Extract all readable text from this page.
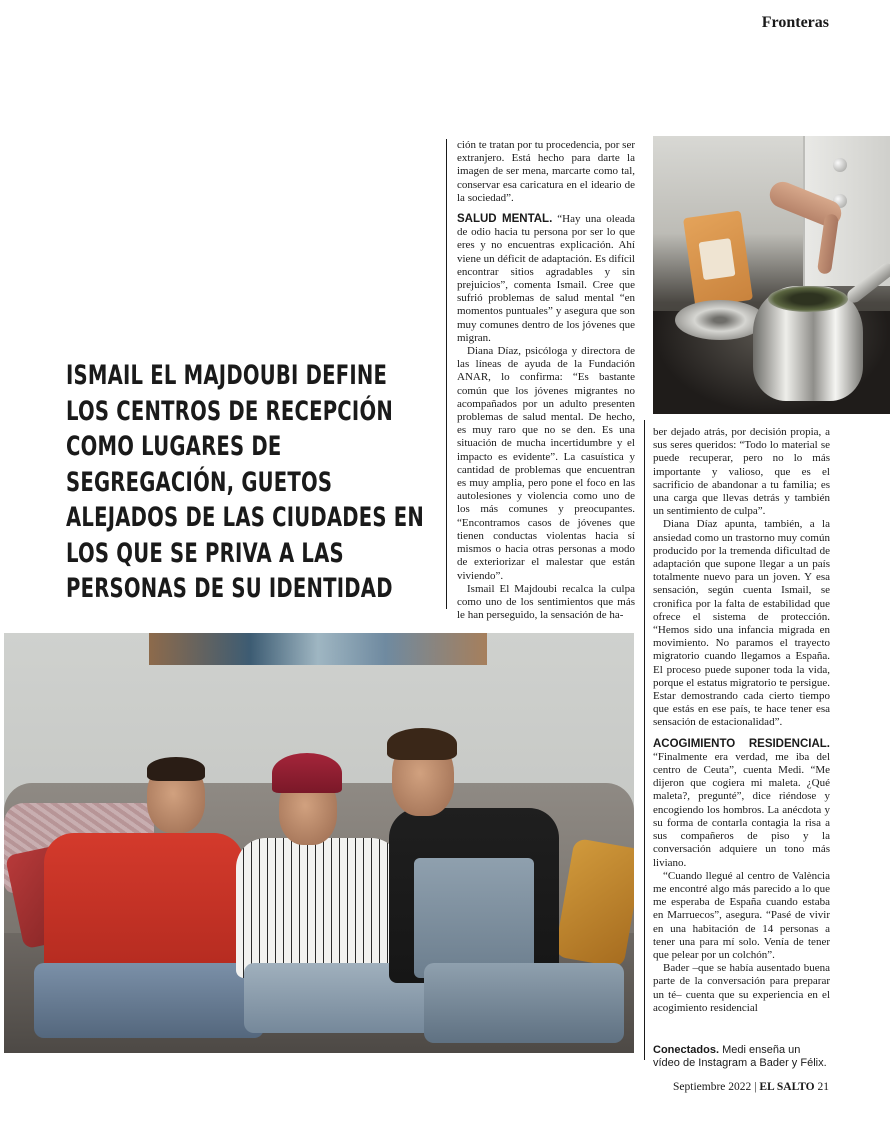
Fronteras

ción te tratan por tu procedencia, por ser extranjero. Está hecho para darte la imagen de ser mena, marcarte como tal, conservar esa caricatura en el ideario de la sociedad”.

SALUD MENTAL. “Hay una oleada de odio hacia tu persona por ser lo que eres y no encuentras explicación. Ahí viene un déficit de adaptación. Es difícil encontrar sitios agradables y sin prejuicios”, comenta Ismail. Cree que sufrió problemas de salud mental “en momentos puntuales” y asegura que son muy comunes dentro de los jóvenes que migran.

Diana Díaz, psicóloga y directora de las líneas de ayuda de la Fundación ANAR, lo confirma: “Es bastante común que los jóvenes migrantes no acompañados por un adulto presenten problemas de salud mental. De hecho, es muy raro que no se den. Es una situación de mucha incertidumbre y el impacto es evidente”. La casuística y cantidad de problemas que encuentran es muy amplia, pero pone el foco en las autolesiones y violencia como uno de los más comunes y preocupantes. “Encontramos casos de jóvenes que tienen conductas violentas hacia sí mismos o hacia otras personas a modo de exteriorizar el malestar que están viviendo”.

Ismail El Majdoubi recalca la culpa como uno de los sentimientos que más le han perseguido, la sensación de ha-

ISMAIL EL MAJDOUBI DEFINE LOS CENTROS DE RECEPCIÓN COMO LUGARES DE SEGREGACIÓN, GUETOS ALEJADOS DE LAS CIUDADES EN LOS QUE SE PRIVA A LAS PERSONAS DE SU IDENTIDAD

ber dejado atrás, por decisión propia, a sus seres queridos: “Todo lo material se puede recuperar, pero no lo más importante y valioso, que es el sacrificio de abandonar a tu familia; es una carga que llevas detrás y también un sentimiento de culpa”.

Diana Díaz apunta, también, a la ansiedad como un trastorno muy común producido por la tremenda dificultad de adaptación que supone llegar a un país totalmente nuevo para un joven. Y esa sensación, según cuenta Ismail, se cronifica por la falta de estabilidad que ofrece el sistema de protección. “Hemos sido una infancia migrada en movimiento. No paramos el trayecto migratorio cuando llegamos a España. El proceso puede suponer toda la vida, porque el estatus migratorio te persigue. Estar demostrando cada cierto tiempo que estás en ese país, te hace tener esa sensación de estacionalidad”.

ACOGIMIENTO RESIDENCIAL. “Finalmente era verdad, me iba del centro de Ceuta”, cuenta Medi. “Me dijeron que cogiera mi maleta. ¿Qué maleta?, pregunté”, dice riéndose y encogiendo los hombros. La anécdota y su forma de contarla contagia la risa a sus compañeros de piso y la conversación adquiere un tono más liviano.

“Cuando llegué al centro de València me encontré algo más parecido a lo que me esperaba de España cuando estaba en Marruecos”, asegura. “Pasé de vivir en una habitación de 14 personas a tener una para mí solo. Venía de tener que pelear por un colchón”.

Bader –que se había ausentado buena parte de la conversación para preparar un té– cuenta que su experiencia en el acogimiento residencial

Conectados. Medi enseña un vídeo de Instagram a Bader y Félix.
Septiembre 2022 | EL SALTO 21
